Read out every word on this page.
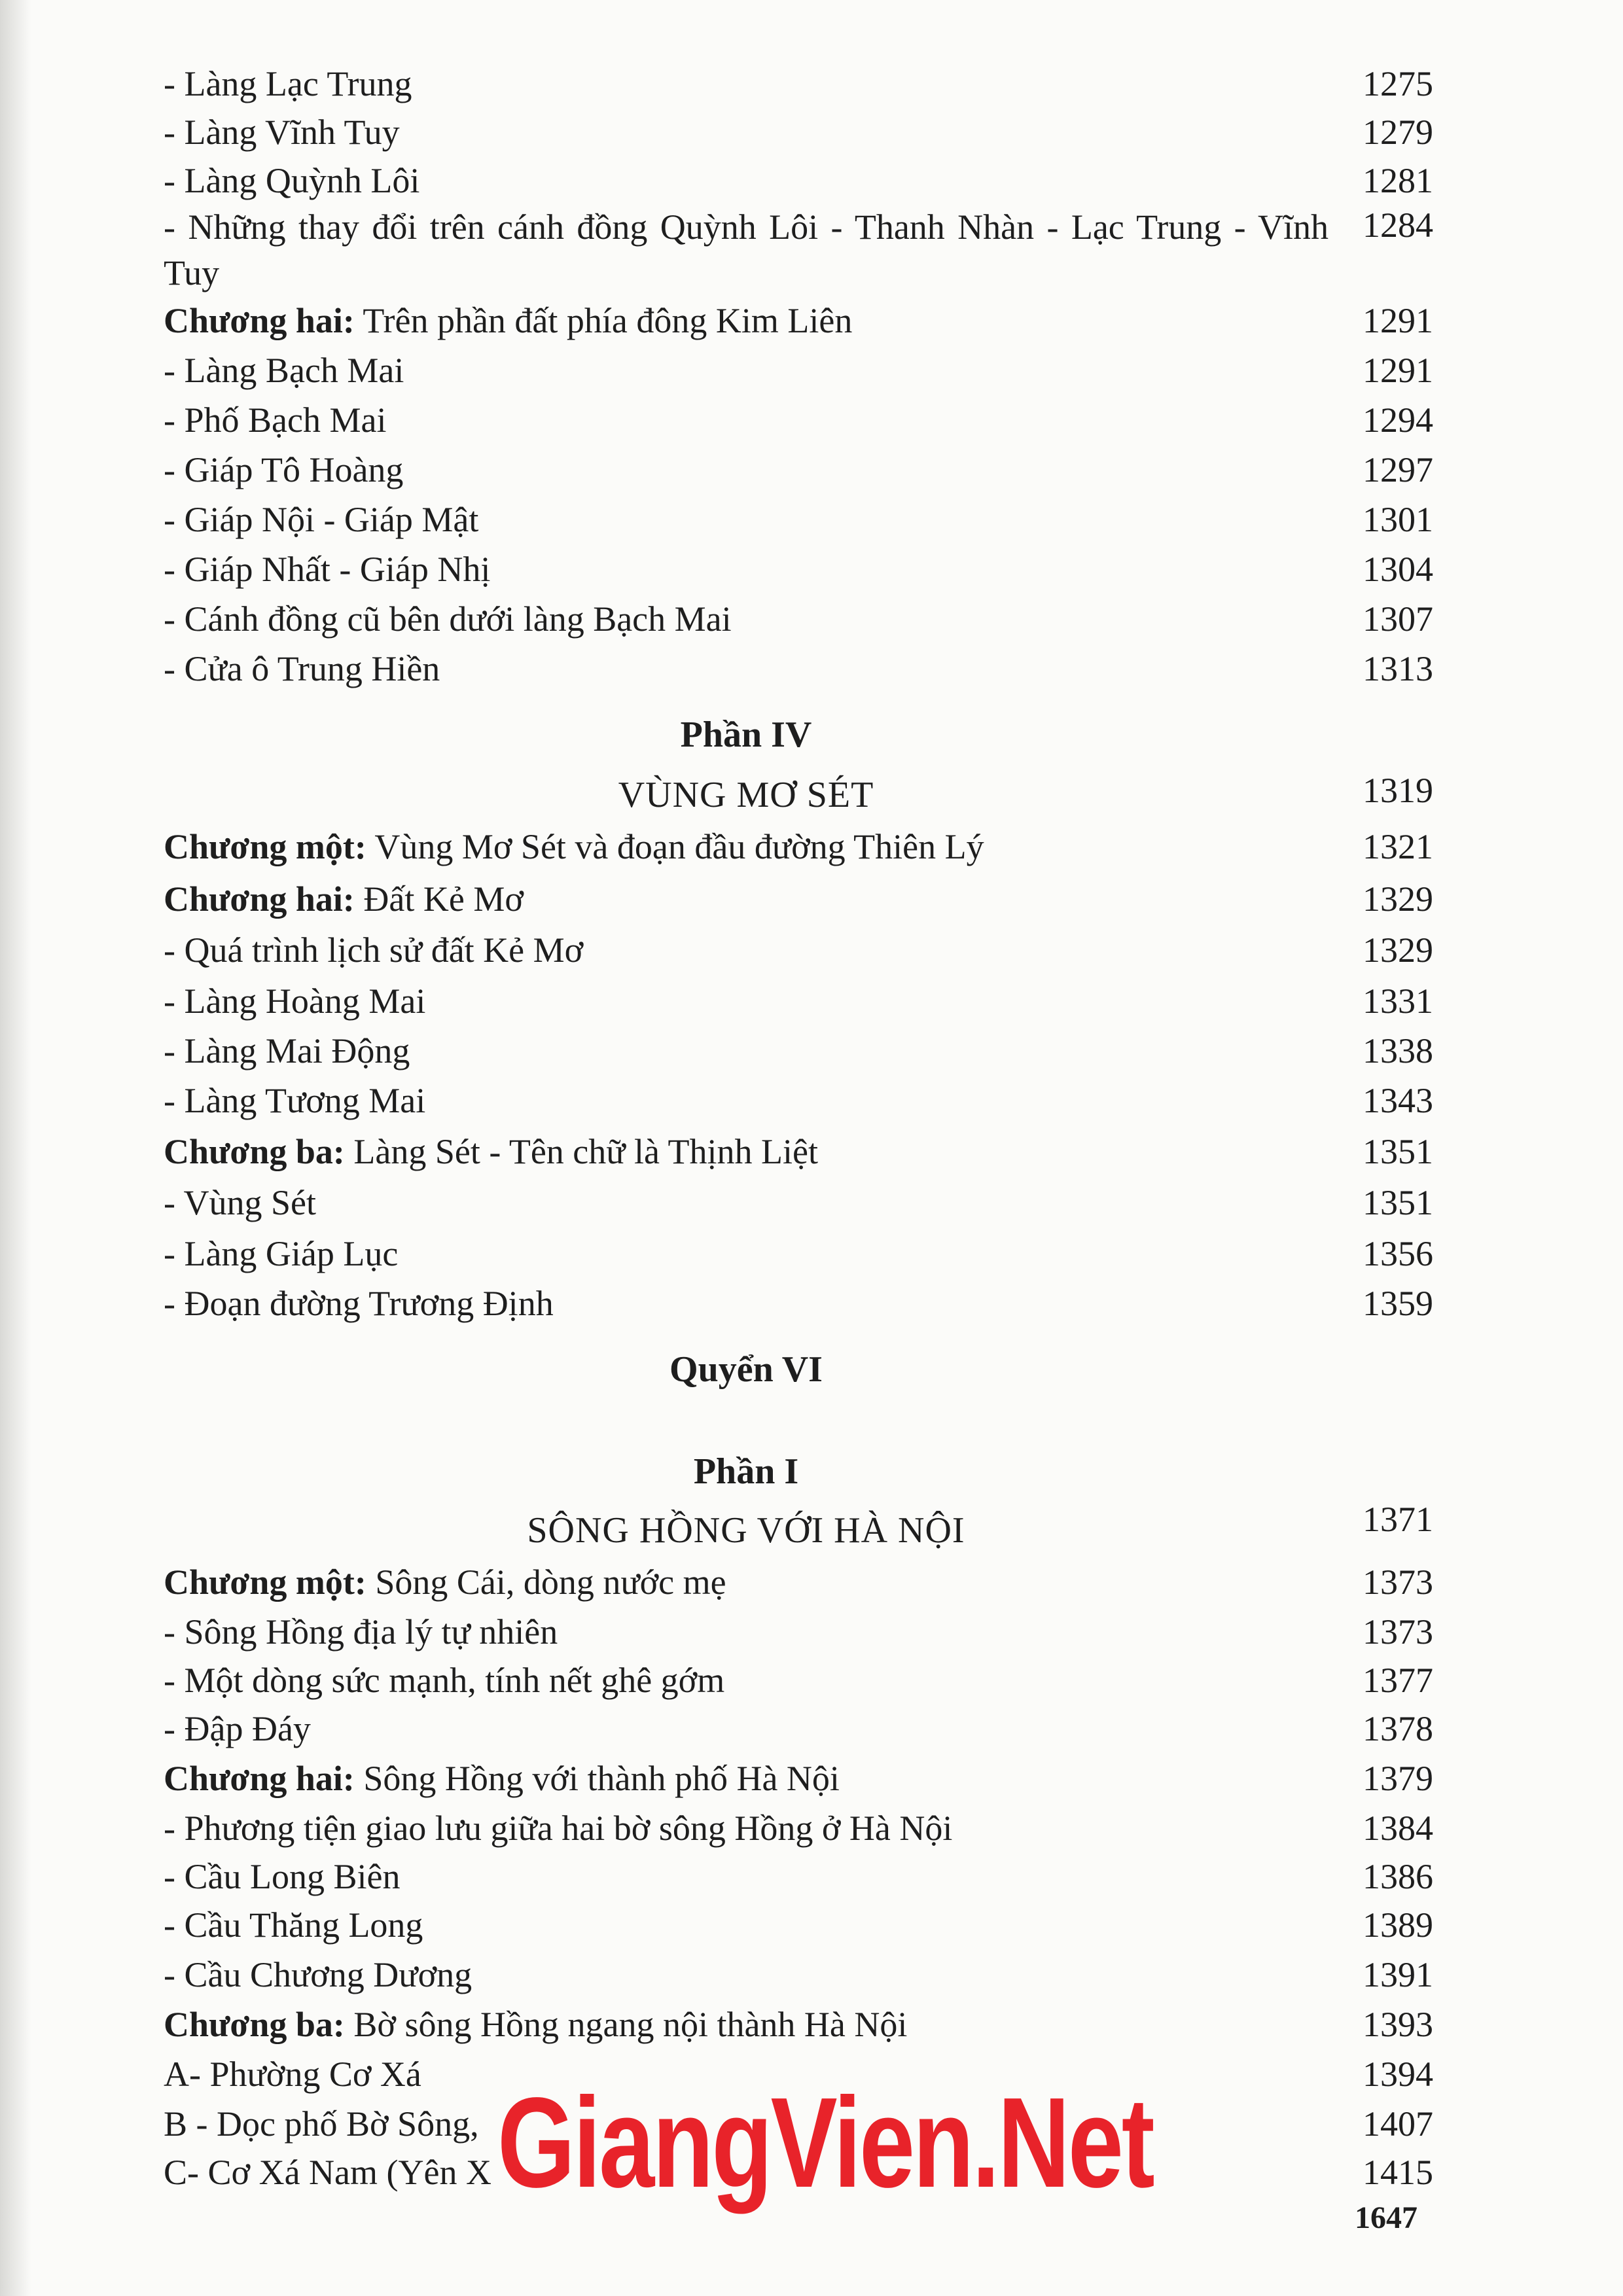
- Làng Lạc Trung	1275
- Làng Vĩnh Tuy	1279
- Làng Quỳnh Lôi	1281
- Những thay đổi trên cánh đồng Quỳnh Lôi - Thanh Nhàn - Lạc Trung - Vĩnh Tuy
1284
Chương hai: Trên phần đất phía đông Kim Liên	1291
- Làng Bạch Mai	1291
- Phố Bạch Mai	1294
- Giáp Tô Hoàng	1297
- Giáp Nội - Giáp Mật	1301
- Giáp Nhất - Giáp Nhị	1304
- Cánh đồng cũ bên dưới làng Bạch Mai	1307
- Cửa ô Trung Hiền	1313
Phần IV
VÙNG MƠ SÉT	1319
Chương một: Vùng Mơ Sét và đoạn đầu đường Thiên Lý	1321
Chương hai: Đất Kẻ Mơ	1329
- Quá trình lịch sử đất Kẻ Mơ	1329
- Làng Hoàng Mai	1331
- Làng Mai Động	1338
- Làng Tương Mai	1343
Chương ba: Làng Sét - Tên chữ là Thịnh Liệt	1351
- Vùng Sét	1351
- Làng Giáp Lục	1356
- Đoạn đường Trương Định	1359
Quyển VI
Phần I
SÔNG HỒNG VỚI HÀ NỘI	1371
Chương một: Sông Cái, dòng nước mẹ	1373
- Sông Hồng địa lý tự nhiên	1373
- Một dòng sức mạnh, tính nết ghê gớm	1377
- Đập Đáy	1378
Chương hai: Sông Hồng với thành phố Hà Nội	1379
- Phương tiện giao lưu giữa hai bờ sông Hồng ở Hà Nội	1384
- Cầu Long Biên	1386
- Cầu Thăng Long	1389
- Cầu Chương Dương	1391
Chương ba: Bờ sông Hồng ngang nội thành Hà Nội	1393
A- Phường Cơ Xá	1394
B - Dọc phố Bờ Sông,	1407
C- Cơ Xá Nam (Yên X	1415
GiangVien.Net
1647
